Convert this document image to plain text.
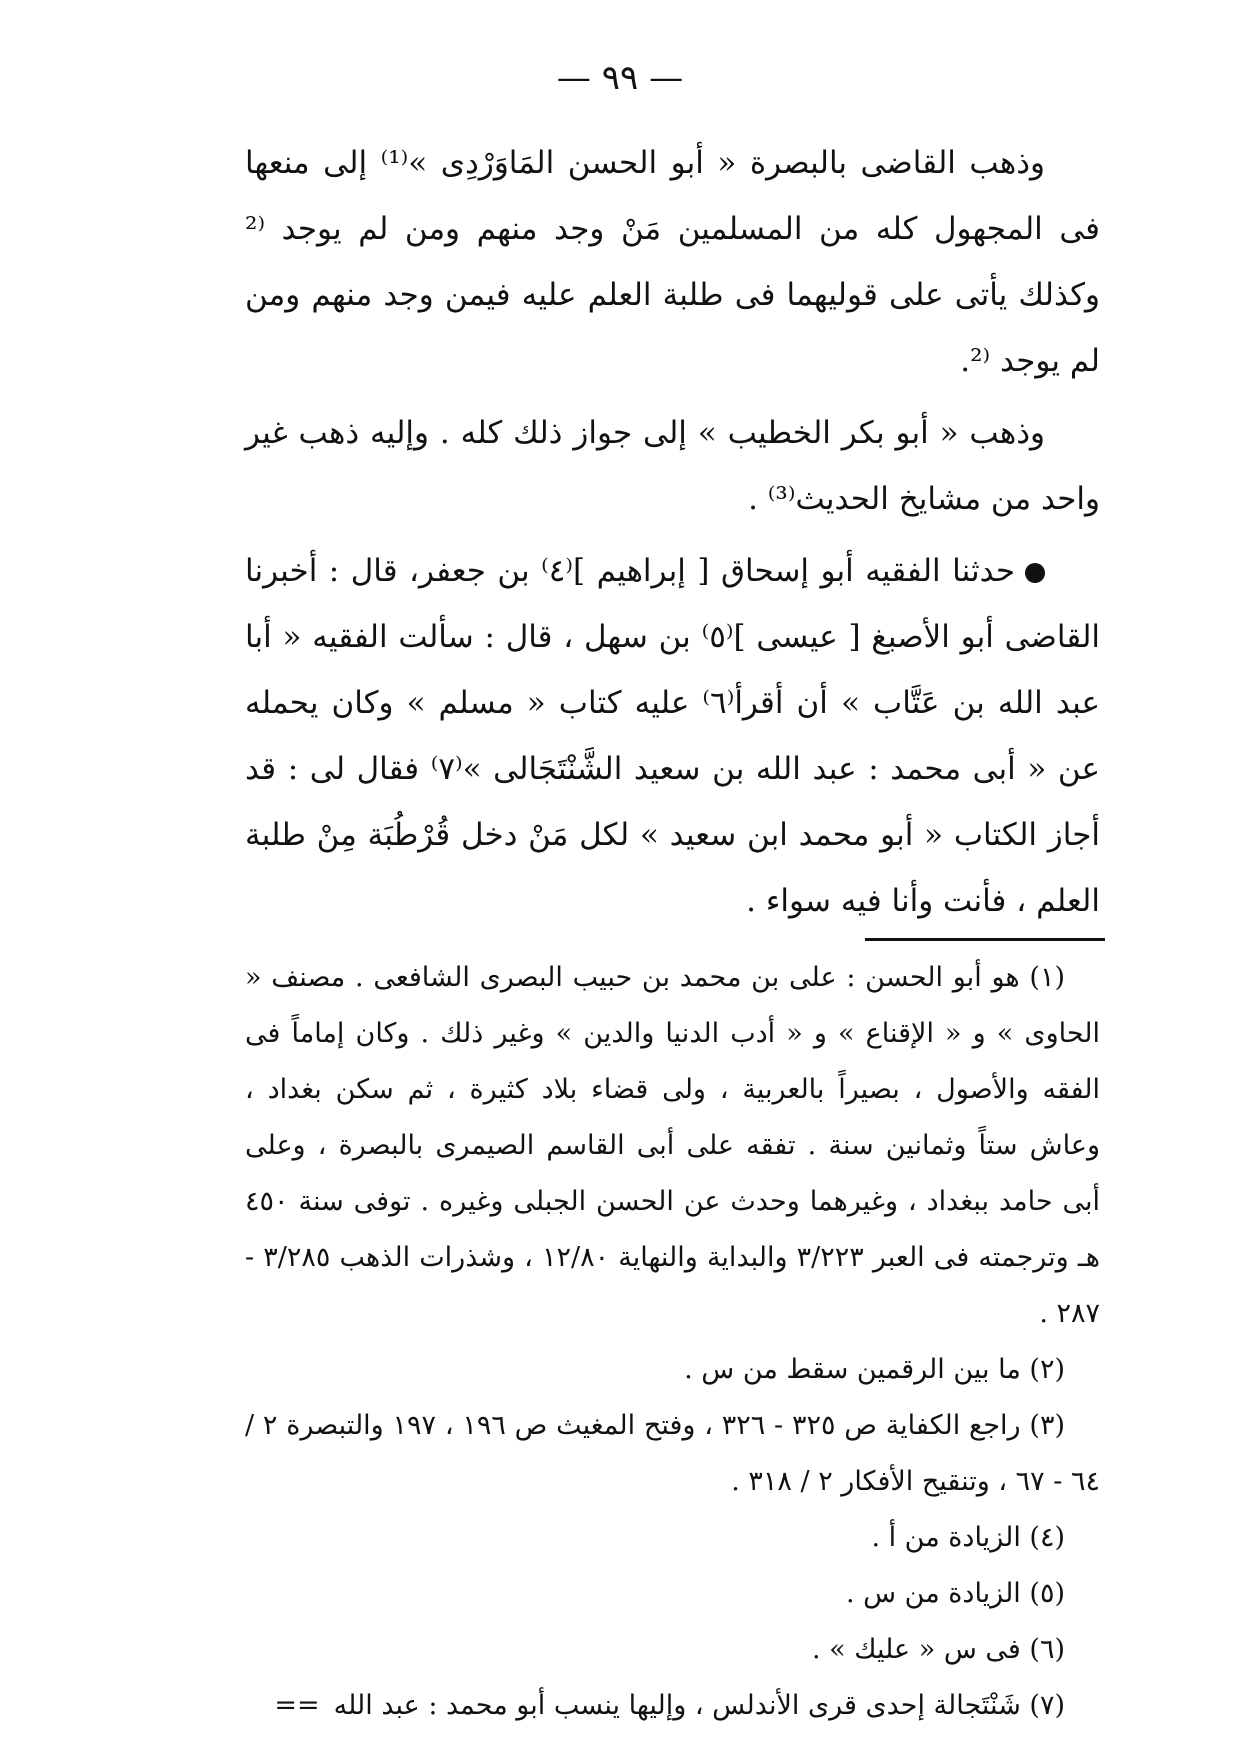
— ٩٩ —

وذهب القاضى بالبصرة « أبو الحسن المَاوَرْدِى »⁽¹⁾ إلى منعها فى المجهول كله من المسلمين مَنْ وجد منهم ومن لم يوجد ⁽² وكذلك يأتى على قوليهما فى طلبة العلم عليه فيمن وجد منهم ومن لم يوجد ⁽².

وذهب « أبو بكر الخطيب » إلى جواز ذلك كله . وإليه ذهب غير واحد من مشايخ الحديث⁽³⁾ .

حدثنا الفقيه أبو إسحاق [ إبراهيم ]⁽٤⁾ بن جعفر، قال : أخبرنا القاضى أبو الأصبغ [ عيسى ]⁽٥⁾ بن سهل ، قال : سألت الفقيه « أبا عبد الله بن عَتَّاب » أن أقرأ⁽٦⁾ عليه كتاب « مسلم » وكان يحمله عن « أبى محمد : عبد الله بن سعيد الشَّنْتَجَالى »⁽٧⁾ فقال لى : قد أجاز الكتاب « أبو محمد ابن سعيد » لكل مَنْ دخل قُرْطُبَة مِنْ طلبة العلم ، فأنت وأنا فيه سواء .

(١) هو أبو الحسن : على بن محمد بن حبيب البصرى الشافعى . مصنف « الحاوى » و « الإقناع » و « أدب الدنيا والدين » وغير ذلك . وكان إماماً فى الفقه والأصول ، بصيراً بالعربية ، ولى قضاء بلاد كثيرة ، ثم سكن بغداد ، وعاش ستاً وثمانين سنة . تفقه على أبى القاسم الصيمرى بالبصرة ، وعلى أبى حامد ببغداد ، وغيرهما وحدث عن الحسن الجبلى وغيره . توفى سنة ٤٥٠ هـ وترجمته فى العبر ٣/٢٢٣ والبداية والنهاية ١٢/٨٠ ، وشذرات الذهب ٣/٢٨٥ - ٢٨٧ .

(٢) ما بين الرقمين سقط من س .

(٣) راجع الكفاية ص ٣٢٥ - ٣٢٦ ، وفتح المغيث ص ١٩٦ ، ١٩٧ والتبصرة ٢ / ٦٤ - ٦٧ ، وتنقيح الأفكار ٢ / ٣١٨ .

(٤) الزيادة من أ .

(٥) الزيادة من س .

(٦) فى س « عليك » .

(٧) شَنْتَجالة إحدى قرى الأندلس ، وإليها ينسب أبو محمد : عبد الله==
